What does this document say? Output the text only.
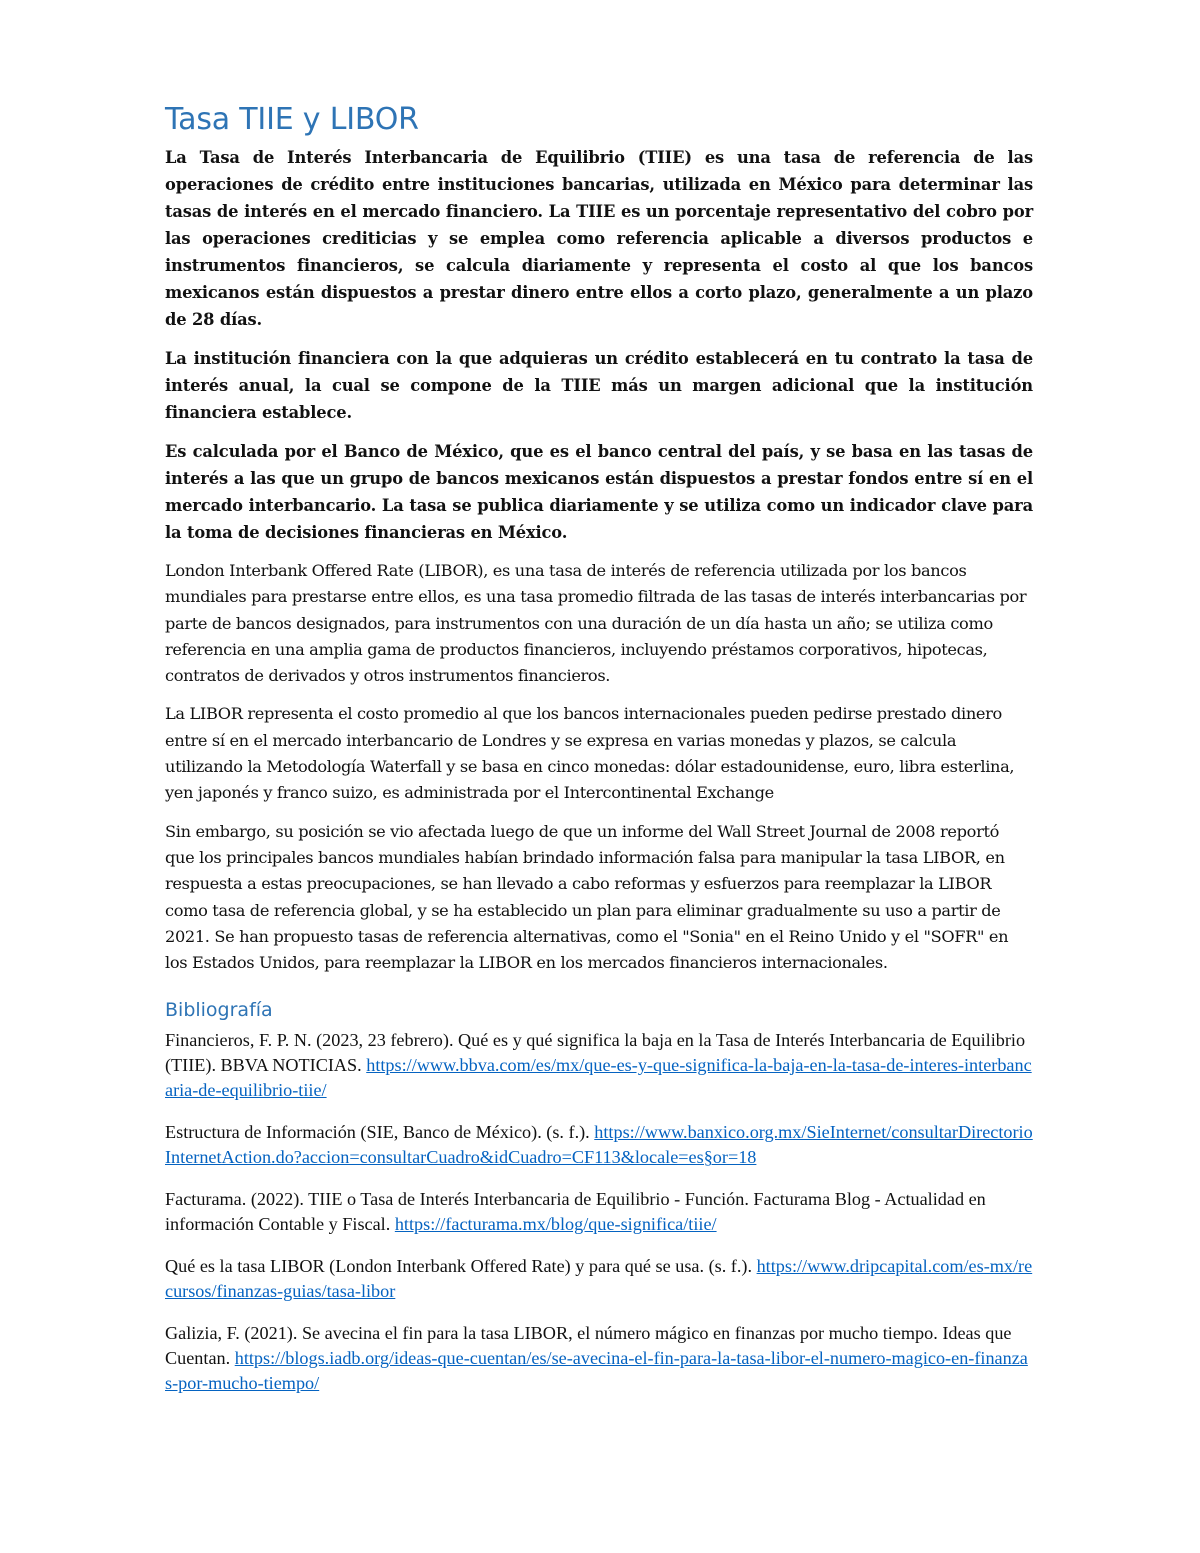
Tasa TIIE y LIBOR

La Tasa de Interés Interbancaria de Equilibrio (TIIE) es una tasa de referencia de las operaciones de crédito entre instituciones bancarias, utilizada en México para determinar las tasas de interés en el mercado financiero. La TIIE es un porcentaje representativo del cobro por las operaciones crediticias y se emplea como referencia aplicable a diversos productos e instrumentos financieros, se calcula diariamente y representa el costo al que los bancos mexicanos están dispuestos a prestar dinero entre ellos a corto plazo, generalmente a un plazo de 28 días.

La institución financiera con la que adquieras un crédito establecerá en tu contrato la tasa de interés anual, la cual se compone de la TIIE más un margen adicional que la institución financiera establece.

Es calculada por el Banco de México, que es el banco central del país, y se basa en las tasas de interés a las que un grupo de bancos mexicanos están dispuestos a prestar fondos entre sí en el mercado interbancario. La tasa se publica diariamente y se utiliza como un indicador clave para la toma de decisiones financieras en México.

London Interbank Offered Rate (LIBOR), es una tasa de interés de referencia utilizada por los bancos mundiales para prestarse entre ellos, es una tasa promedio filtrada de las tasas de interés interbancarias por parte de bancos designados, para instrumentos con una duración de un día hasta un año; se utiliza como referencia en una amplia gama de productos financieros, incluyendo préstamos corporativos, hipotecas, contratos de derivados y otros instrumentos financieros.

La LIBOR representa el costo promedio al que los bancos internacionales pueden pedirse prestado dinero entre sí en el mercado interbancario de Londres y se expresa en varias monedas y plazos, se calcula utilizando la Metodología Waterfall y se basa en cinco monedas: dólar estadounidense, euro, libra esterlina, yen japonés y franco suizo, es administrada por el Intercontinental Exchange

Sin embargo, su posición se vio afectada luego de que un informe del Wall Street Journal de 2008 reportó que los principales bancos mundiales habían brindado información falsa para manipular la tasa LIBOR, en respuesta a estas preocupaciones, se han llevado a cabo reformas y esfuerzos para reemplazar la LIBOR como tasa de referencia global, y se ha establecido un plan para eliminar gradualmente su uso a partir de 2021. Se han propuesto tasas de referencia alternativas, como el "Sonia" en el Reino Unido y el "SOFR" en los Estados Unidos, para reemplazar la LIBOR en los mercados financieros internacionales.

Bibliografía
Financieros, F. P. N. (2023, 23 febrero). Qué es y qué significa la baja en la Tasa de Interés Interbancaria de Equilibrio (TIIE). BBVA NOTICIAS. https://www.bbva.com/es/mx/que-es-y-que-significa-la-baja-en-la-tasa-de-interes-interbancaria-de-equilibrio-tiie/
Estructura de Información (SIE, Banco de México). (s. f.). https://www.banxico.org.mx/SieInternet/consultarDirectorioInternetAction.do?accion=consultarCuadro&idCuadro=CF113&locale=es§or=18
Facturama. (2022). TIIE o Tasa de Interés Interbancaria de Equilibrio - Función. Facturama Blog - Actualidad en información Contable y Fiscal. https://facturama.mx/blog/que-significa/tiie/
Qué es la tasa LIBOR (London Interbank Offered Rate) y para qué se usa. (s. f.). https://www.dripcapital.com/es-mx/recursos/finanzas-guias/tasa-libor
Galizia, F. (2021). Se avecina el fin para la tasa LIBOR, el número mágico en finanzas por mucho tiempo. Ideas que Cuentan. https://blogs.iadb.org/ideas-que-cuentan/es/se-avecina-el-fin-para-la-tasa-libor-el-numero-magico-en-finanzas-por-mucho-tiempo/
